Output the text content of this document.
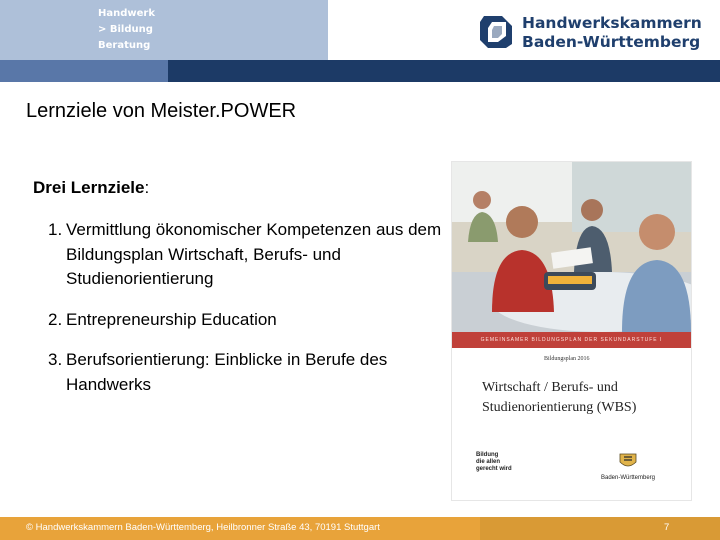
Handwerk
> Bildung
Beratung
Handwerkskammern
Baden-Württemberg
Lernziele von Meister.POWER
Drei Lernziele:
1. Vermittlung ökonomischer Kompetenzen aus dem Bildungsplan Wirtschaft, Berufs- und Studienorientierung
2. Entrepreneurship Education
3. Berufsorientierung: Einblicke in Berufe des Handwerks
GEMEINSAMER BILDUNGSPLAN DER SEKUNDARSTUFE I
Bildungsplan 2016
Wirtschaft / Berufs- und Studienorientierung (WBS)
Bildung
die allen
gerecht wird
Baden-Württemberg
© Handwerkskammern Baden-Württemberg, Heilbronner Straße 43, 70191 Stuttgart	7
